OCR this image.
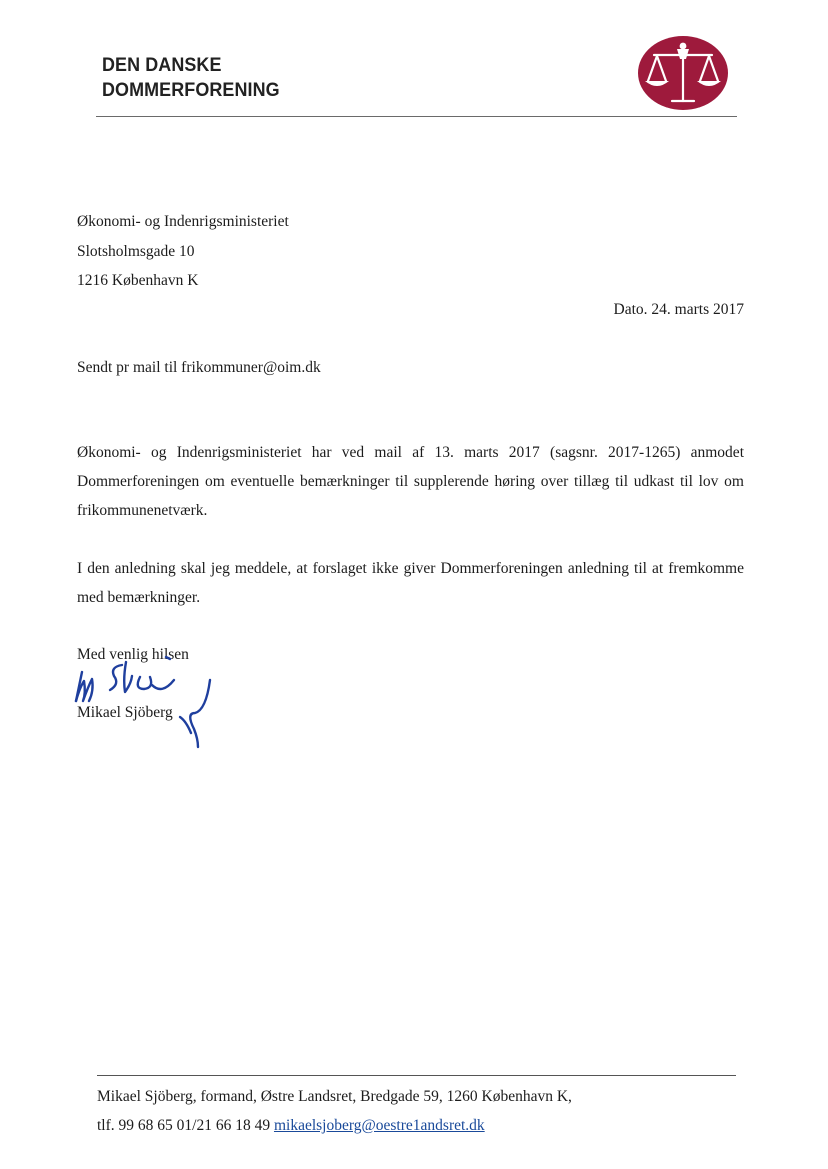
DEN DANSKE
DOMMERFORENING
Økonomi- og Indenrigsministeriet
Slotsholmsgade 10
1216 København K
Dato. 24. marts 2017
Sendt pr mail til frikommuner@oim.dk
Økonomi- og Indenrigsministeriet har ved mail af 13. marts 2017 (sagsnr. 2017-1265) anmodet Dommerforeningen om eventuelle bemærkninger til supplerende høring over tillæg til udkast til lov om frikommunenetværk.
I den anledning skal jeg meddele, at forslaget ikke giver Dommerforeningen anledning til at fremkomme med bemærkninger.
Med venlig hilsen
Mikael Sjöberg
Mikael Sjöberg, formand, Østre Landsret, Bredgade 59, 1260 København K,
tlf. 99 68 65 01/21 66 18 49 mikaelsjoberg@oestre1andsret.dk
